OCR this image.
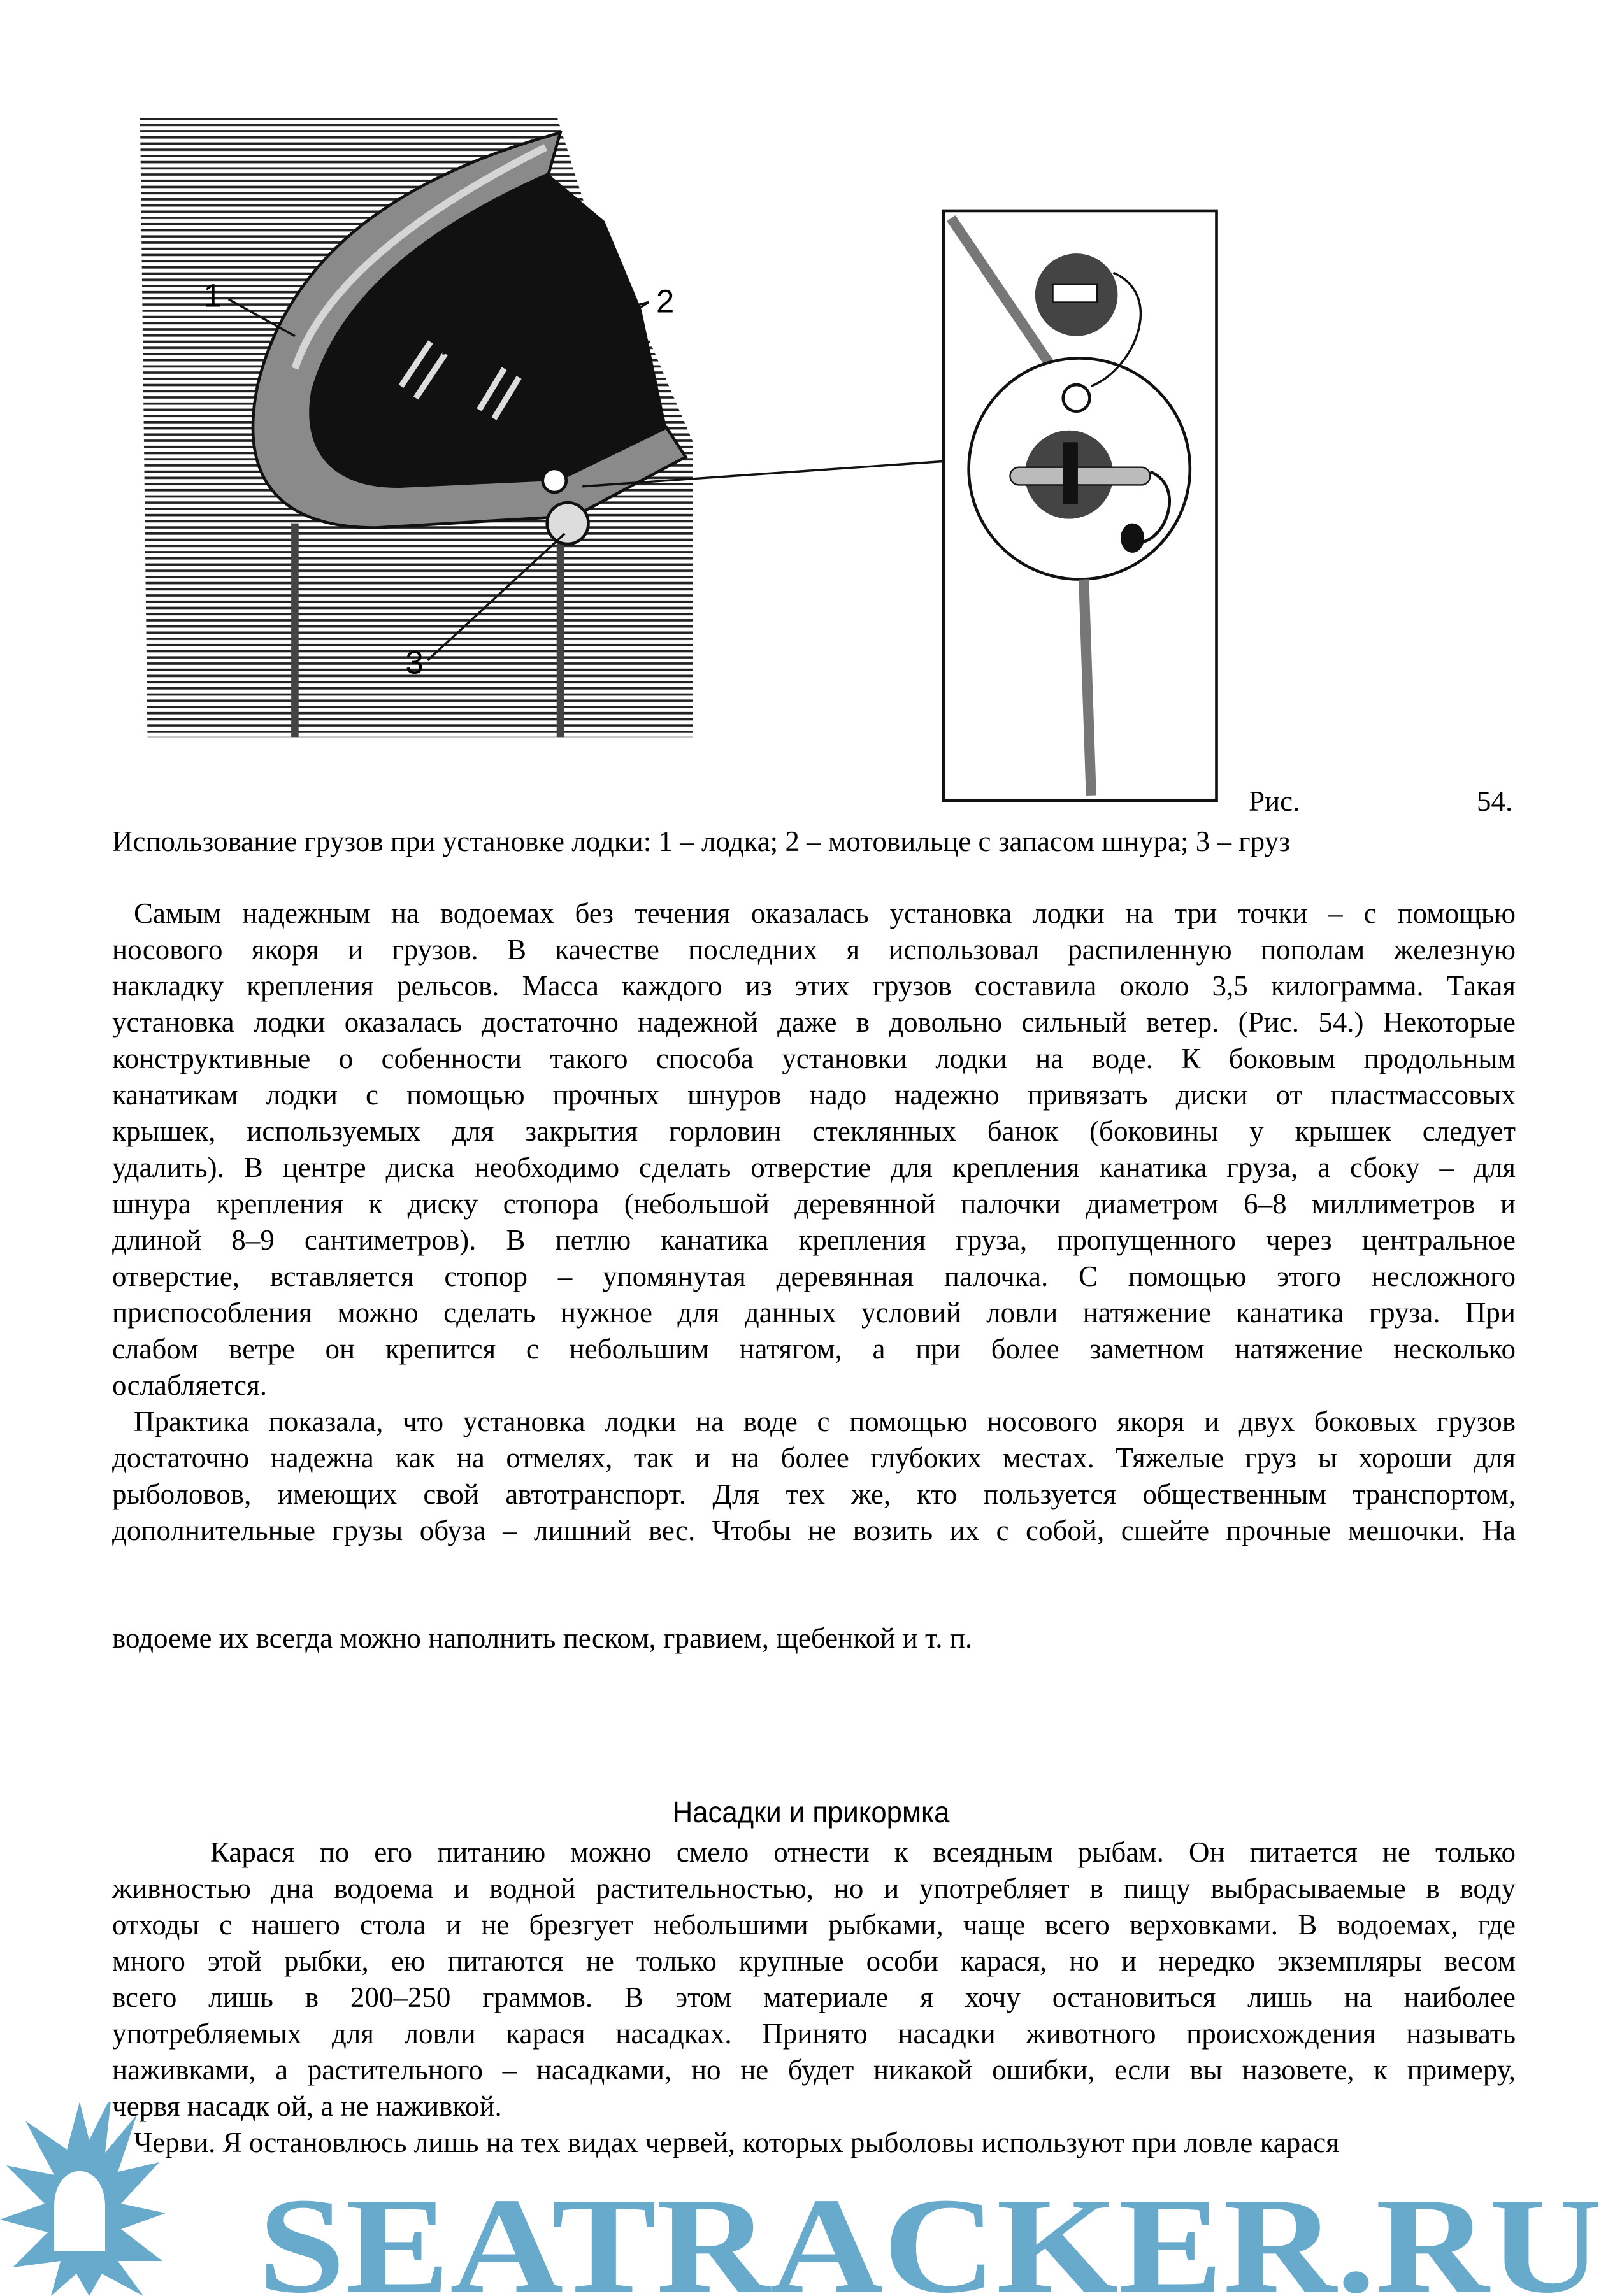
1	2
3
Рис.	54.
Использование грузов при установке лодки: 1 – лодка; 2 – мотовильце с запасом шнура; 3 – груз
Самым надежным на водоемах без течения оказалась установка лодки на три точки – с помощью
носового якоря и грузов. В качестве последних я использовал распиленную пополам железную
накладку крепления рельсов. Масса каждого из этих грузов составила около 3,5 килограмма. Такая
установка лодки оказалась достаточно надежной даже в довольно сильный ветер. (Рис. 54.) Некоторые
конструктивные о собенности такого способа установки лодки на воде. К боковым продольным
канатикам лодки с помощью прочных шнуров надо надежно привязать диски от пластмассовых
крышек, используемых для закрытия горловин стеклянных банок (боковины у крышек следует
удалить). В центре диска необходимо сделать отверстие для крепления канатика груза, а сбоку – для
шнура крепления к диску стопора (небольшой деревянной палочки диаметром 6–8 миллиметров и
длиной 8–9 сантиметров). В петлю канатика крепления груза, пропущенного через центральное
отверстие, вставляется стопор – упомянутая деревянная палочка. С помощью этого несложного
приспособления можно сделать нужное для данных условий ловли натяжение канатика груза. При
слабом ветре он крепится с небольшим натягом, а при более заметном натяжение несколько
ослабляется.
Практика показала, что установка лодки на воде с помощью носового якоря и двух боковых грузов
достаточно надежна как на отмелях, так и на более глубоких местах. Тяжелые груз ы хороши для
рыболовов, имеющих свой автотранспорт. Для тех же, кто пользуется общественным транспортом,
дополнительные грузы обуза – лишний вес. Чтобы не возить их с собой, сшейте прочные мешочки. На
водоеме их всегда можно наполнить песком, гравием, щебенкой и т. п.
Насадки и прикормка
Карася по его питанию можно смело отнести к всеядным рыбам. Он питается не только
живностью дна водоема и водной растительностью, но и употребляет в пищу выбрасываемые в воду
отходы с нашего стола и не брезгует небольшими рыбками, чаще всего верховками. В водоемах, где
много этой рыбки, ею питаются не только крупные особи карася, но и нередко экземпляры весом
всего лишь в 200–250 граммов. В этом материале я хочу остановиться лишь на наиболее
употребляемых для ловли карася насадках. Принято насадки животного происхождения называть
наживками, а растительного – насадками, но не будет никакой ошибки, если вы назовете, к примеру,
червя насадк ой, а не наживкой.
Черви. Я остановлюсь лишь на тех видах червей, которых рыболовы используют при ловле карася
SEATRACKER.RU
